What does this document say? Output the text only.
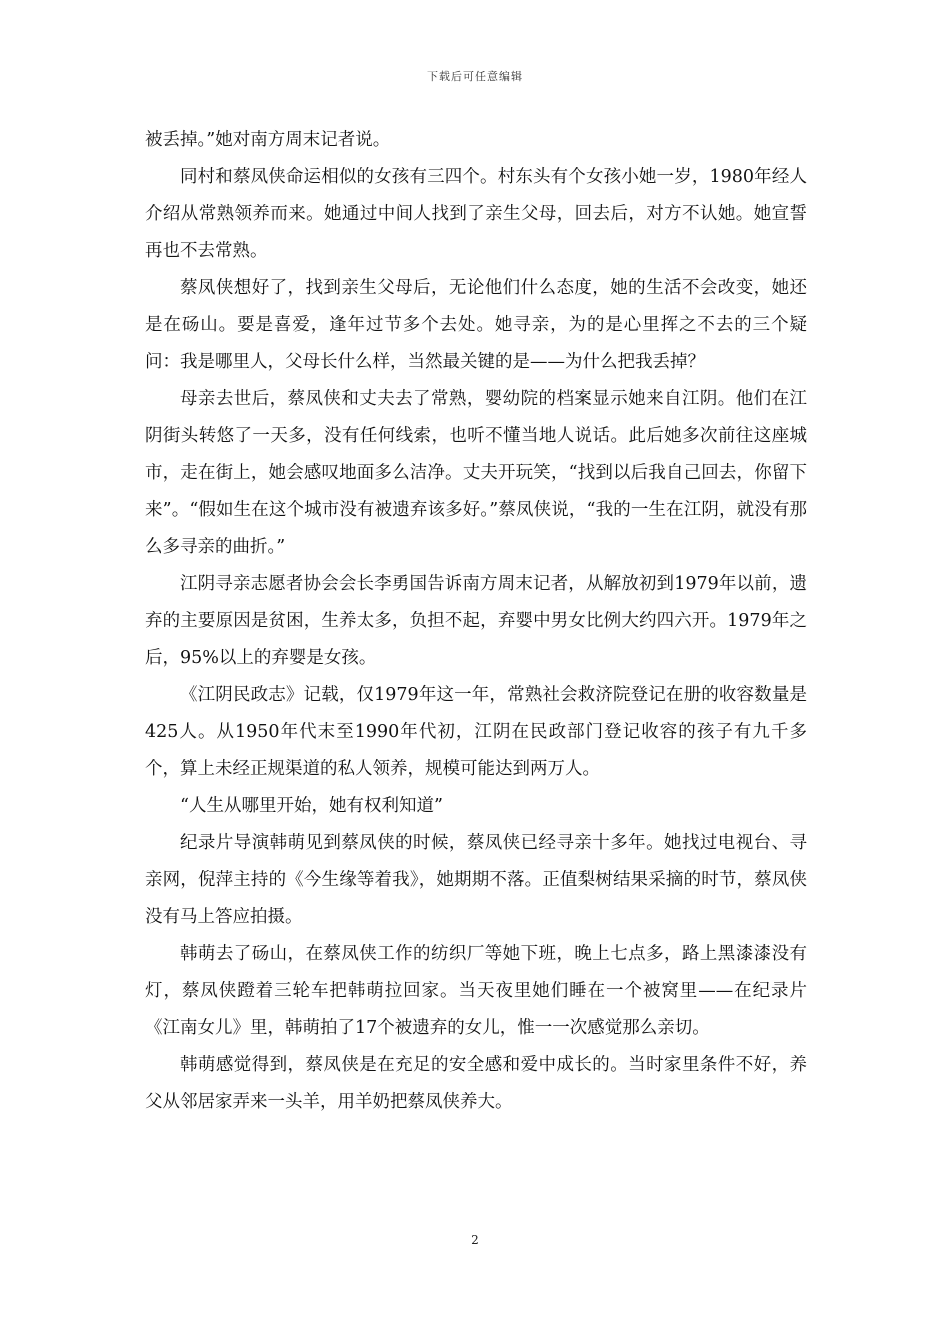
下载后可任意编辑

被丢掉。”她对南方周末记者说。

同村和蔡凤侠命运相似的女孩有三四个。村东头有个女孩小她一岁，1980年经人介绍从常熟领养而来。她通过中间人找到了亲生父母，回去后，对方不认她。她宣誓再也不去常熟。

蔡凤侠想好了，找到亲生父母后，无论他们什么态度，她的生活不会改变，她还是在砀山。要是喜爱，逢年过节多个去处。她寻亲，为的是心里挥之不去的三个疑问：我是哪里人，父母长什么样，当然最关键的是——为什么把我丢掉？

母亲去世后，蔡凤侠和丈夫去了常熟，婴幼院的档案显示她来自江阴。他们在江阴街头转悠了一天多，没有任何线索，也听不懂当地人说话。此后她多次前往这座城市，走在街上，她会感叹地面多么洁净。丈夫开玩笑，“找到以后我自己回去，你留下来”。“假如生在这个城市没有被遗弃该多好。”蔡凤侠说，“我的一生在江阴，就没有那么多寻亲的曲折。”

江阴寻亲志愿者协会会长李勇国告诉南方周末记者，从解放初到1979年以前，遗弃的主要原因是贫困，生养太多，负担不起，弃婴中男女比例大约四六开。1979年之后，95%以上的弃婴是女孩。

《江阴民政志》记载，仅1979年这一年，常熟社会救济院登记在册的收容数量是425人。从1950年代末至1990年代初，江阴在民政部门登记收容的孩子有九千多个，算上未经正规渠道的私人领养，规模可能达到两万人。

“人生从哪里开始，她有权利知道”

纪录片导演韩萌见到蔡凤侠的时候，蔡凤侠已经寻亲十多年。她找过电视台、寻亲网，倪萍主持的《今生缘等着我》，她期期不落。正值梨树结果采摘的时节，蔡凤侠没有马上答应拍摄。

韩萌去了砀山，在蔡凤侠工作的纺织厂等她下班，晚上七点多，路上黑漆漆没有灯，蔡凤侠蹬着三轮车把韩萌拉回家。当天夜里她们睡在一个被窝里——在纪录片《江南女儿》里，韩萌拍了17个被遗弃的女儿，惟一一次感觉那么亲切。

韩萌感觉得到，蔡凤侠是在充足的安全感和爱中成长的。当时家里条件不好，养父从邻居家弄来一头羊，用羊奶把蔡凤侠养大。

2
